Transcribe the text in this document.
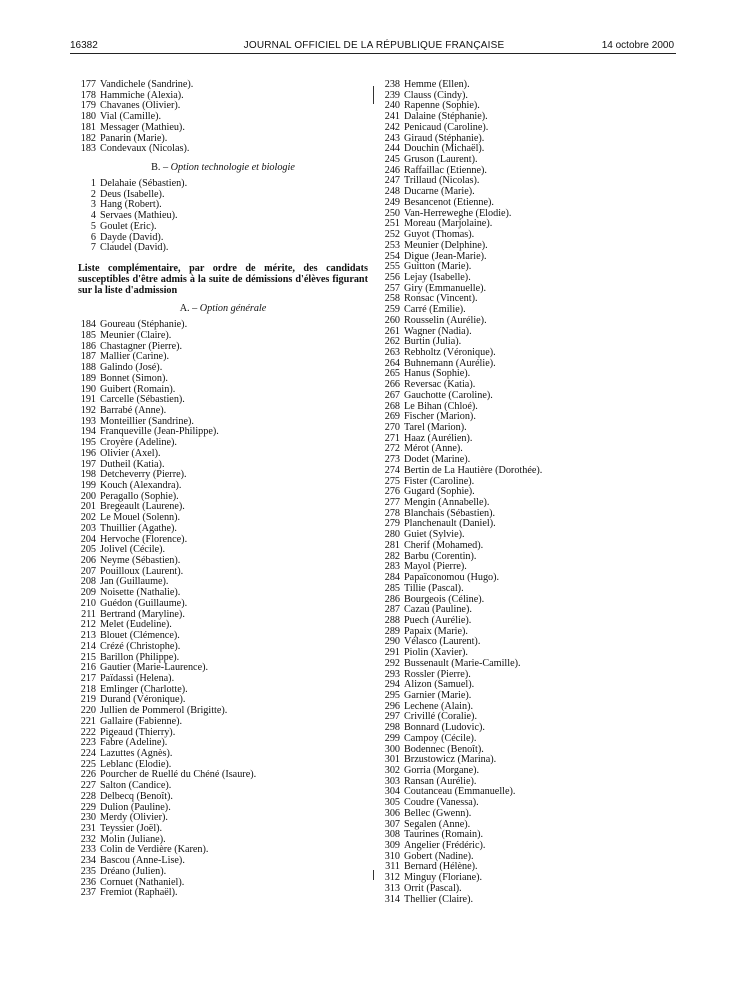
16382	JOURNAL OFFICIEL DE LA RÉPUBLIQUE FRANÇAISE	14 octobre 2000
177 Vandichele (Sandrine).
178 Hammiche (Alexia).
179 Chavanes (Olivier).
180 Vial (Camille).
181 Messager (Mathieu).
182 Panarin (Marie).
183 Condevaux (Nicolas).
B. – Option technologie et biologie
1 Delahaie (Sébastien).
2 Deus (Isabelle).
3 Hang (Robert).
4 Servaes (Mathieu).
5 Goulet (Eric).
6 Dayde (David).
7 Claudel (David).
Liste complémentaire, par ordre de mérite, des candidats susceptibles d'être admis à la suite de démissions d'élèves figurant sur la liste d'admission
A. – Option générale
184 Goureau (Stéphanie).
185 Meunier (Claire).
186 Chastagner (Pierre).
187 Mallier (Carine).
188 Galindo (José).
189 Bonnet (Simon).
190 Guibert (Romain).
191 Carcelle (Sébastien).
192 Barrabé (Anne).
193 Monteillier (Sandrine).
194 Franqueville (Jean-Philippe).
195 Croyère (Adeline).
196 Olivier (Axel).
197 Dutheil (Katia).
198 Detcheverry (Pierre).
199 Kouch (Alexandra).
200 Peragallo (Sophie).
201 Bregeault (Laurene).
202 Le Mouel (Solenn).
203 Thuillier (Agathe).
204 Hervoche (Florence).
205 Jolivel (Cécile).
206 Neyme (Sébastien).
207 Pouilloux (Laurent).
208 Jan (Guillaume).
209 Noisette (Nathalie).
210 Guédon (Guillaume).
211 Bertrand (Maryline).
212 Melet (Eudeline).
213 Blouet (Clémence).
214 Crézé (Christophe).
215 Barillon (Philippe).
216 Gautier (Marie-Laurence).
217 Païdassi (Helena).
218 Emlinger (Charlotte).
219 Durand (Véronique).
220 Jullien de Pommerol (Brigitte).
221 Gallaire (Fabienne).
222 Pigeaud (Thierry).
223 Fabre (Adeline).
224 Lazuttes (Agnès).
225 Leblanc (Elodie).
226 Pourcher de Ruellé du Chéné (Isaure).
227 Salton (Candice).
228 Delbecq (Benoît).
229 Dulion (Pauline).
230 Merdy (Olivier).
231 Teyssier (Joël).
232 Molin (Juliane).
233 Colin de Verdière (Karen).
234 Bascou (Anne-Lise).
235 Dréano (Julien).
236 Cornuet (Nathaniel).
237 Fremiot (Raphaël).
238 Hemme (Ellen).
239 Clauss (Cindy).
240 Rapenne (Sophie).
241 Dalaine (Stéphanie).
242 Penicaud (Caroline).
243 Giraud (Stéphanie).
244 Douchin (Michaël).
245 Gruson (Laurent).
246 Raffaillac (Etienne).
247 Trillaud (Nicolas).
248 Ducarne (Marie).
249 Besancenot (Etienne).
250 Van-Herreweghe (Elodie).
251 Moreau (Marjolaine).
252 Guyot (Thomas).
253 Meunier (Delphine).
254 Digue (Jean-Marie).
255 Guitton (Marie).
256 Lejay (Isabelle).
257 Giry (Emmanuelle).
258 Ronsac (Vincent).
259 Carré (Emilie).
260 Rousselin (Aurélie).
261 Wagner (Nadia).
262 Burtin (Julia).
263 Rebholtz (Véronique).
264 Buhnemann (Aurélie).
265 Hanus (Sophie).
266 Reversac (Katia).
267 Gauchotte (Caroline).
268 Le Bihan (Chloé).
269 Fischer (Marion).
270 Tarel (Marion).
271 Haaz (Aurélien).
272 Mérot (Anne).
273 Dodet (Marine).
274 Bertin de La Hautière (Dorothée).
275 Fister (Caroline).
276 Gugard (Sophie).
277 Mengin (Annabelle).
278 Blanchais (Sébastien).
279 Planchenault (Daniel).
280 Guiet (Sylvie).
281 Cherif (Mohamed).
282 Barbu (Corentin).
283 Mayol (Pierre).
284 Papaïconomou (Hugo).
285 Tillie (Pascal).
286 Bourgeois (Céline).
287 Cazau (Pauline).
288 Puech (Aurélie).
289 Papaix (Marie).
290 Vélasco (Laurent).
291 Piolin (Xavier).
292 Bussenault (Marie-Camille).
293 Rossler (Pierre).
294 Alizon (Samuel).
295 Garnier (Marie).
296 Lechene (Alain).
297 Crivillé (Coralie).
298 Bonnard (Ludovic).
299 Campoy (Cécile).
300 Bodennec (Benoît).
301 Brzustowicz (Marina).
302 Gorria (Morgane).
303 Ransan (Aurélie).
304 Coutanceau (Emmanuelle).
305 Coudre (Vanessa).
306 Bellec (Gwenn).
307 Segalen (Anne).
308 Taurines (Romain).
309 Angelier (Frédéric).
310 Gobert (Nadine).
311 Bernard (Hélène).
312 Minguy (Floriane).
313 Orrit (Pascal).
314 Thellier (Claire).
